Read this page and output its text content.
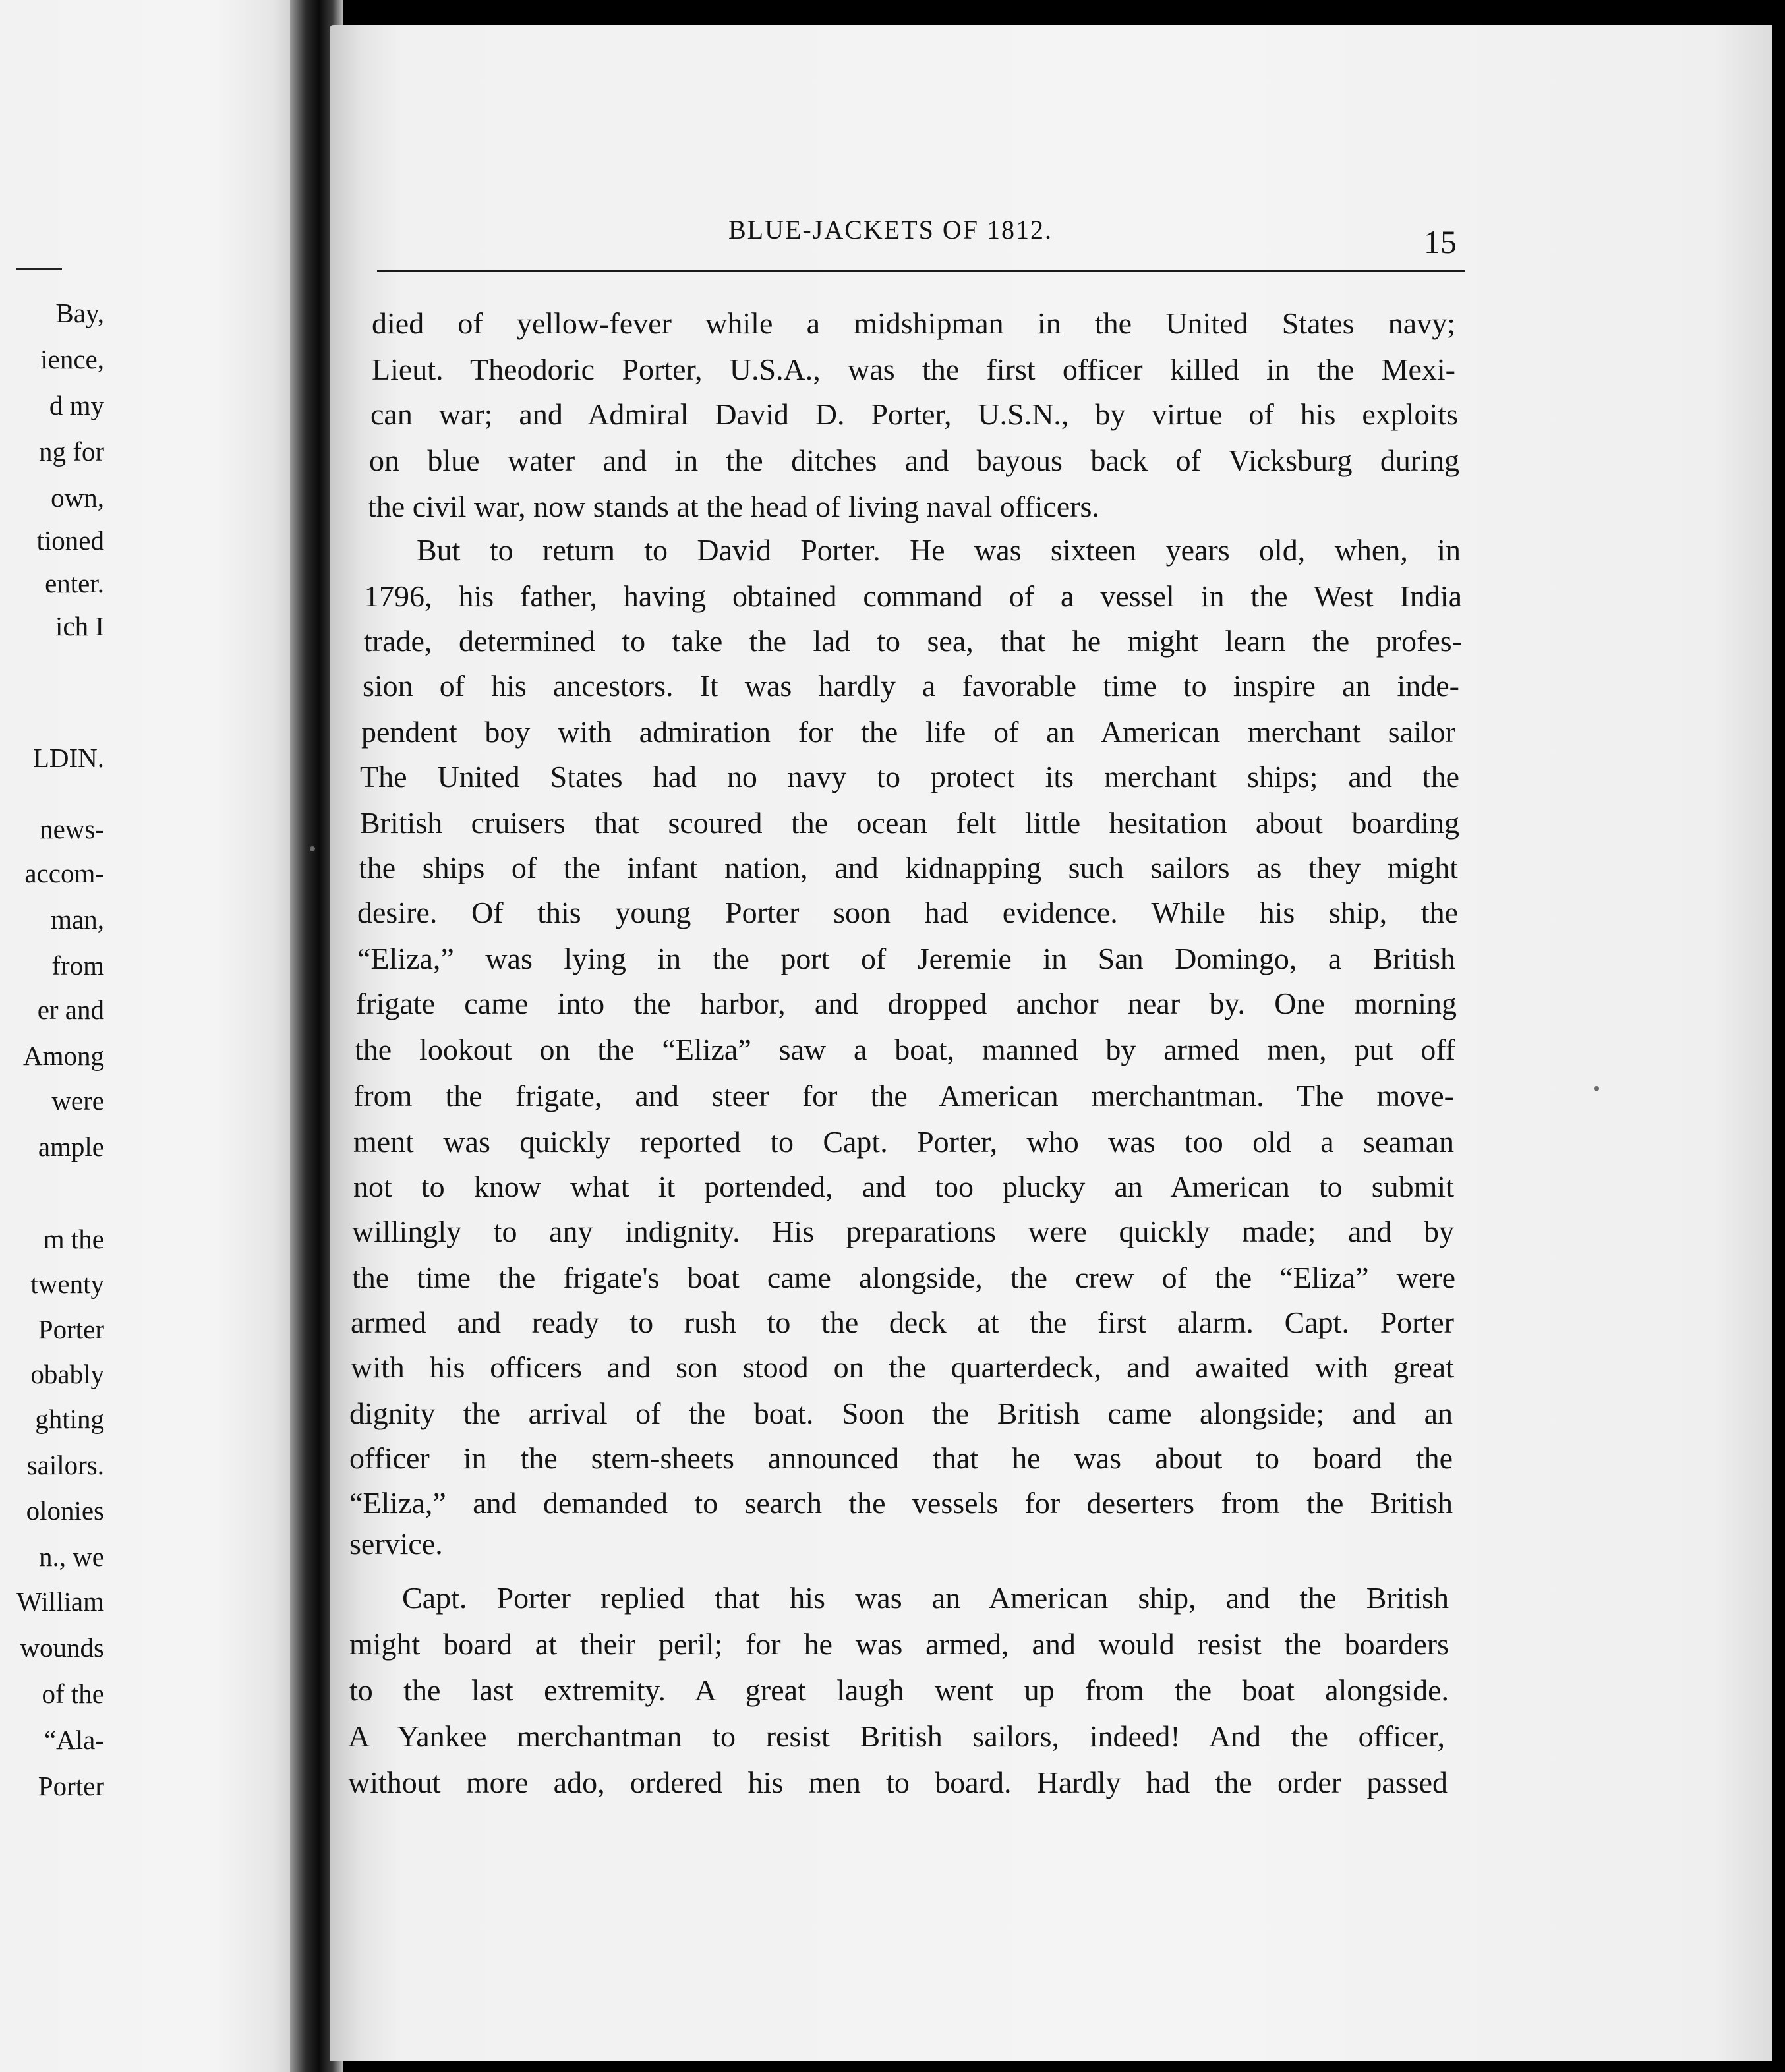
Bay,
ience,
d my
ng for
own,
tioned
enter.
ich I
LDIN.
news-
accom-
man,
from
er and
Among
were
ample
m the
twenty
Porter
obably
ghting
sailors.
olonies
n., we
William
wounds
of the
“Ala-
Porter
BLUE-JACKETS OF 1812.	15
died of yellow-fever while a midshipman in the United States navy;
Lieut. Theodoric Porter, U.S.A., was the first officer killed in the Mexi-
can war; and Admiral David D. Porter, U.S.N., by virtue of his exploits
on blue water and in the ditches and bayous back of Vicksburg during
the civil war, now stands at the head of living naval officers.
But to return to David Porter. He was sixteen years old, when, in
1796, his father, having obtained command of a vessel in the West India
trade, determined to take the lad to sea, that he might learn the profes-
sion of his ancestors. It was hardly a favorable time to inspire an inde-
pendent boy with admiration for the life of an American merchant sailor
The United States had no navy to protect its merchant ships; and the
British cruisers that scoured the ocean felt little hesitation about boarding
the ships of the infant nation, and kidnapping such sailors as they might
desire. Of this young Porter soon had evidence. While his ship, the
“Eliza,” was lying in the port of Jeremie in San Domingo, a British
frigate came into the harbor, and dropped anchor near by. One morning
the lookout on the “Eliza” saw a boat, manned by armed men, put off
from the frigate, and steer for the American merchantman. The move-
ment was quickly reported to Capt. Porter, who was too old a seaman
not to know what it portended, and too plucky an American to submit
willingly to any indignity. His preparations were quickly made; and by
the time the frigate's boat came alongside, the crew of the “Eliza” were
armed and ready to rush to the deck at the first alarm. Capt. Porter
with his officers and son stood on the quarterdeck, and awaited with great
dignity the arrival of the boat. Soon the British came alongside; and an
officer in the stern-sheets announced that he was about to board the
“Eliza,” and demanded to search the vessels for deserters from the British
service.
Capt. Porter replied that his was an American ship, and the British
might board at their peril; for he was armed, and would resist the boarders
to the last extremity. A great laugh went up from the boat alongside.
A Yankee merchantman to resist British sailors, indeed! And the officer,
without more ado, ordered his men to board. Hardly had the order passed
